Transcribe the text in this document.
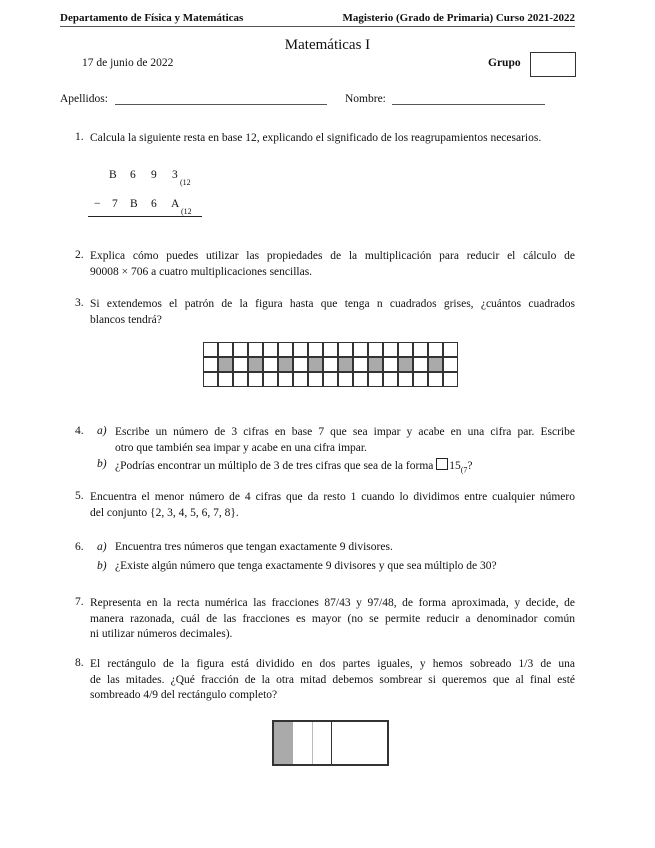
Departamento de Física y Matemáticas	Magisterio (Grado de Primaria) Curso 2021-2022
Matemáticas I
17 de junio de 2022	Grupo
Apellidos:	Nombre:
1. Calcula la siguiente resta en base 12, explicando el significado de los reagrupamientos necesarios.
B 6 9 3
(12
− 7 B 6 A
(12
2. Explica cómo puedes utilizar las propiedades de la multiplicación para reducir el cálculo de
90008 × 706 a cuatro multiplicaciones sencillas.
3. Si extendemos el patrón de la figura hasta que tenga n cuadrados grises, ¿cuántos cuadrados
blancos tendrá?
4. a) Escribe un número de 3 cifras en base 7 que sea impar y acabe en una cifra par. Escribe
otro que también sea impar y acabe en una cifra impar.
b) ¿Podrías encontrar un múltiplo de 3 de tres cifras que sea de la forma $15_{(7}$?
5. Encuentra el menor número de 4 cifras que da resto 1 cuando lo dividimos entre cualquier número
del conjunto {2, 3, 4, 5, 6, 7, 8}.
6. a) Encuentra tres números que tengan exactamente 9 divisores.
b) ¿Existe algún número que tenga exactamente 9 divisores y que sea múltiplo de 30?
7. Representa en la recta numérica las fracciones 87/43 y 97/48, de forma aproximada, y decide, de
manera razonada, cuál de las fracciones es mayor (no se permite reducir a denominador común
ni utilizar números decimales).
8. El rectángulo de la figura está dividido en dos partes iguales, y hemos sobreado 1/3 de una
de las mitades. ¿Qué fracción de la otra mitad debemos sombrear si queremos que al final esté
sombreado 4/9 del rectángulo completo?
